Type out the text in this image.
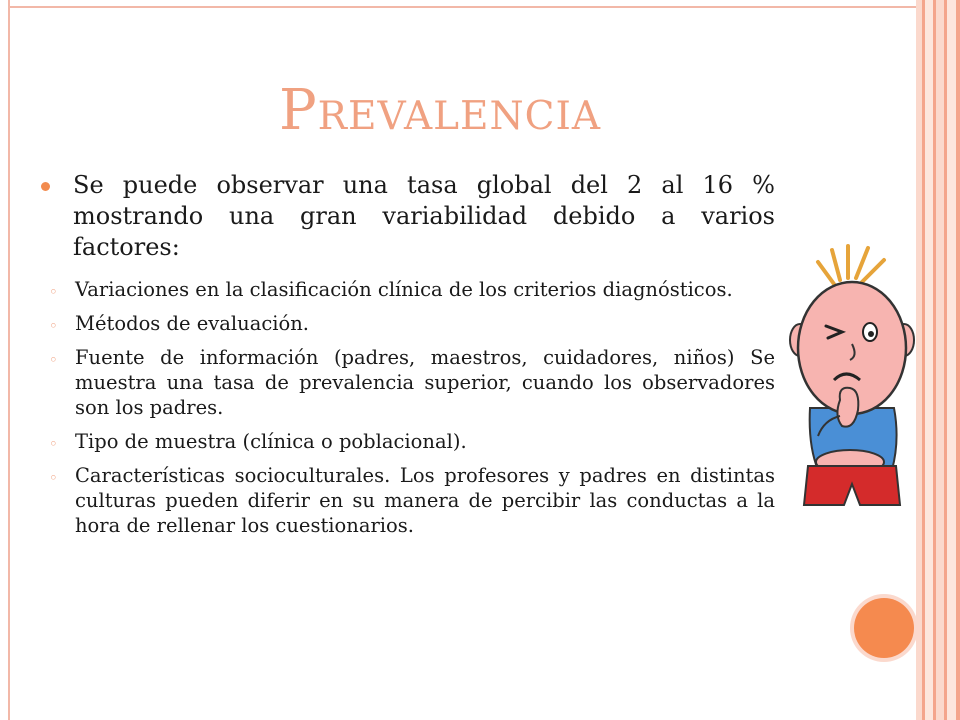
Prevalencia

Se puede observar una tasa global del 2 al 16 % mostrando una gran variabilidad debido a varios factores:

◦ Variaciones en la clasificación clínica de los criterios diagnósticos.
◦ Métodos de evaluación.
◦ Fuente de información (padres, maestros, cuidadores, niños) Se muestra una tasa de prevalencia superior, cuando los observadores son los padres.
◦ Tipo de muestra (clínica o poblacional).
◦ Características socioculturales. Los profesores y padres en distintas culturas pueden diferir en su manera de percibir las conductas a la hora de rellenar los cuestionarios.
